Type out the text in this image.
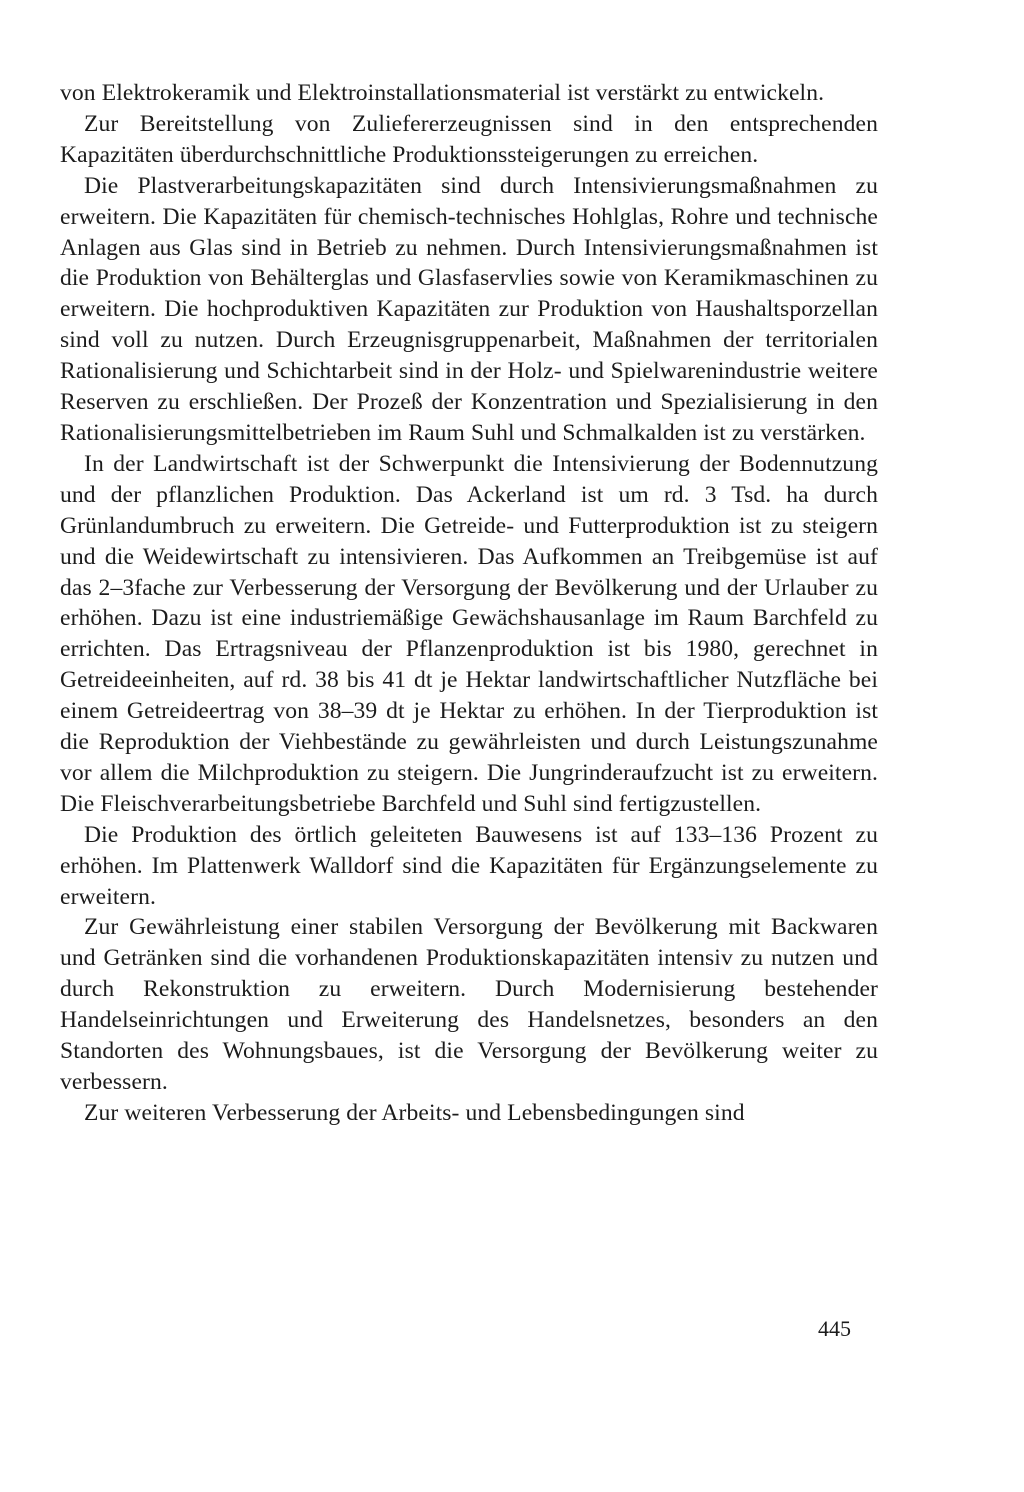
von Elektrokeramik und Elektroinstallationsmaterial ist verstärkt zu entwickeln.

Zur Bereitstellung von Zuliefererzeugnissen sind in den entsprechenden Kapazitäten überdurchschnittliche Produktionssteigerungen zu erreichen.

Die Plastverarbeitungskapazitäten sind durch Intensivierungsmaßnahmen zu erweitern. Die Kapazitäten für chemisch-technisches Hohlglas, Rohre und technische Anlagen aus Glas sind in Betrieb zu nehmen. Durch Intensivierungsmaßnahmen ist die Produktion von Behälterglas und Glasfaservlies sowie von Keramikmaschinen zu erweitern. Die hochproduktiven Kapazitäten zur Produktion von Haushaltsporzellan sind voll zu nutzen. Durch Erzeugnisgruppenarbeit, Maßnahmen der territorialen Rationalisierung und Schichtarbeit sind in der Holz- und Spielwarenindustrie weitere Reserven zu erschließen. Der Prozeß der Konzentration und Spezialisierung in den Rationalisierungsmittelbetrieben im Raum Suhl und Schmalkalden ist zu verstärken.

In der Landwirtschaft ist der Schwerpunkt die Intensivierung der Bodennutzung und der pflanzlichen Produktion. Das Ackerland ist um rd. 3 Tsd. ha durch Grünlandumbruch zu erweitern. Die Getreide- und Futterproduktion ist zu steigern und die Weidewirtschaft zu intensivieren. Das Aufkommen an Treibgemüse ist auf das 2–3fache zur Verbesserung der Versorgung der Bevölkerung und der Urlauber zu erhöhen. Dazu ist eine industriemäßige Gewächshausanlage im Raum Barchfeld zu errichten. Das Ertragsniveau der Pflanzenproduktion ist bis 1980, gerechnet in Getreideeinheiten, auf rd. 38 bis 41 dt je Hektar landwirtschaftlicher Nutzfläche bei einem Getreideertrag von 38–39 dt je Hektar zu erhöhen. In der Tierproduktion ist die Reproduktion der Viehbestände zu gewährleisten und durch Leistungszunahme vor allem die Milchproduktion zu steigern. Die Jungrinderaufzucht ist zu erweitern. Die Fleischverarbeitungsbetriebe Barchfeld und Suhl sind fertigzustellen.

Die Produktion des örtlich geleiteten Bauwesens ist auf 133–136 Prozent zu erhöhen. Im Plattenwerk Walldorf sind die Kapazitäten für Ergänzungselemente zu erweitern.

Zur Gewährleistung einer stabilen Versorgung der Bevölkerung mit Backwaren und Getränken sind die vorhandenen Produktionskapazitäten intensiv zu nutzen und durch Rekonstruktion zu erweitern. Durch Modernisierung bestehender Handelseinrichtungen und Erweiterung des Handelsnetzes, besonders an den Standorten des Wohnungsbaues, ist die Versorgung der Bevölkerung weiter zu verbessern.

Zur weiteren Verbesserung der Arbeits- und Lebensbedingungen sind

445
